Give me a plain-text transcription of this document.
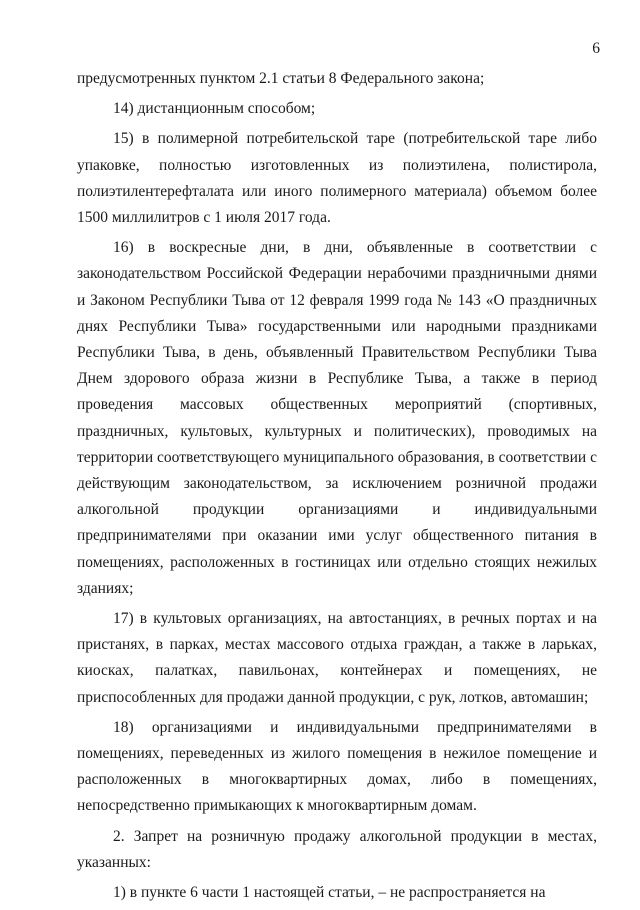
6

предусмотренных пунктом 2.1 статьи 8 Федерального закона;

14) дистанционным способом;

15) в полимерной потребительской таре (потребительской таре либо упаковке, полностью изготовленных из полиэтилена, полистирола, полиэтилентерефталата или иного полимерного материала) объемом более 1500 миллилитров с 1 июля 2017 года.

16) в воскресные дни, в дни, объявленные в соответствии с законодательством Российской Федерации нерабочими праздничными днями и Законом Республики Тыва от 12 февраля 1999 года № 143 «О праздничных днях Республики Тыва» государственными или народными праздниками Республики Тыва, в день, объявленный Правительством Республики Тыва Днем здорового образа жизни в Республике Тыва, а также в период проведения массовых общественных мероприятий (спортивных, праздничных, культовых, культурных и политических), проводимых на территории соответствующего муниципального образования, в соответствии с действующим законодательством, за исключением розничной продажи алкогольной продукции организациями и индивидуальными предпринимателями при оказании ими услуг общественного питания в помещениях, расположенных в гостиницах или отдельно стоящих нежилых зданиях;

17) в культовых организациях, на автостанциях, в речных портах и на пристанях, в парках, местах массового отдыха граждан, а также в ларьках, киосках, палатках, павильонах, контейнерах и помещениях, не приспособленных для продажи данной продукции, с рук, лотков, автомашин;

18) организациями и индивидуальными предпринимателями в помещениях, переведенных из жилого помещения в нежилое помещение и расположенных в многоквартирных домах, либо в помещениях, непосредственно примыкающих к многоквартирным домам.

2. Запрет на розничную продажу алкогольной продукции в местах, указанных:

1) в пункте 6 части 1 настоящей статьи, – не распространяется на
